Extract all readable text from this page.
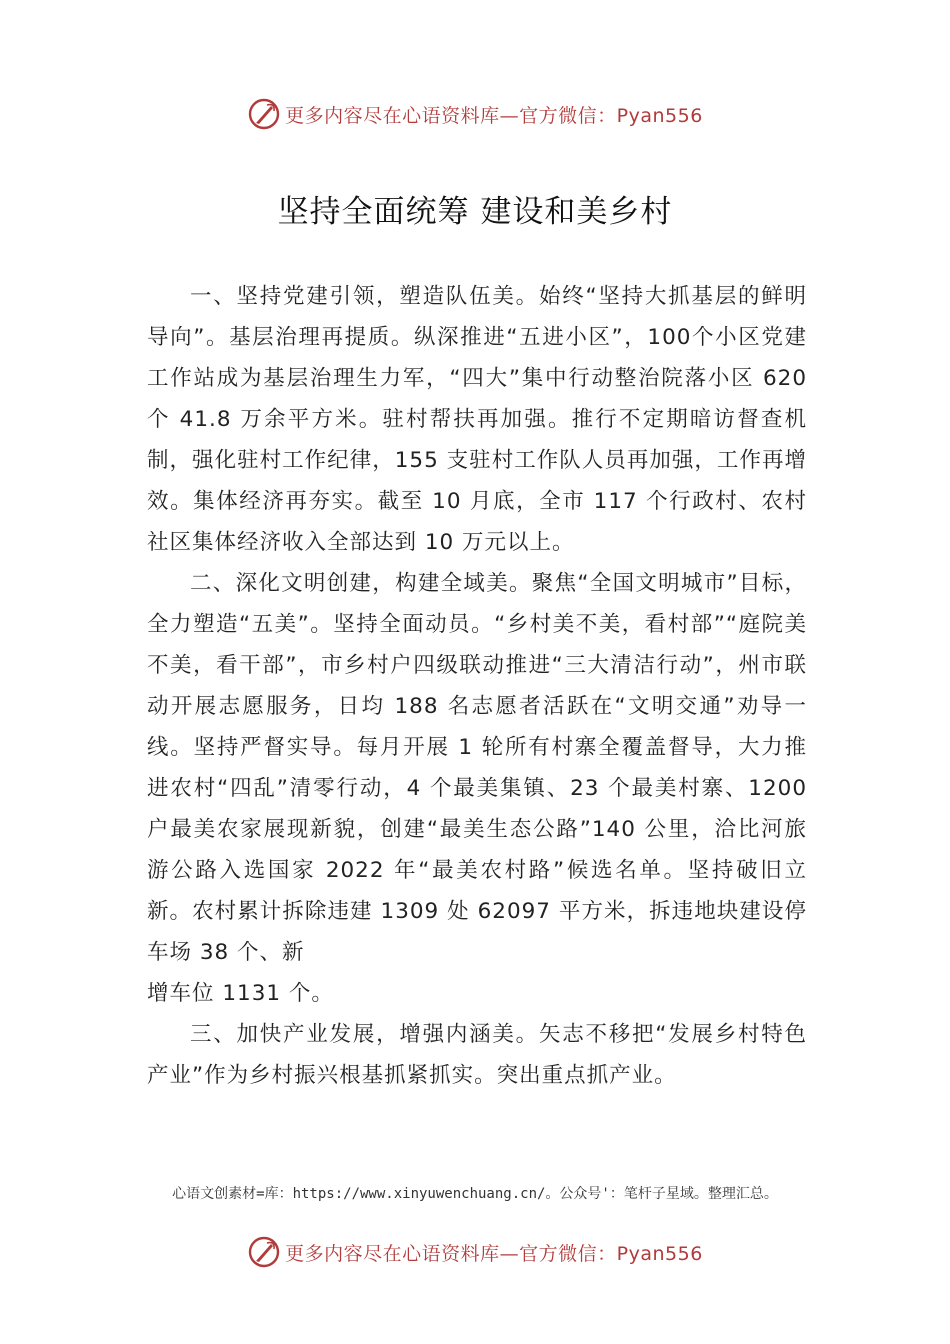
更多内容尽在心语资料库—官方微信：Pyan556
坚持全面统筹 建设和美乡村

一、坚持党建引领，塑造队伍美。始终“坚持大抓基层的鲜明导向”。基层治理再提质。纵深推进“五进小区”，100个小区党建工作站成为基层治理生力军，“四大”集中行动整治院落小区 620 个 41.8 万余平方米。驻村帮扶再加强。推行不定期暗访督查机制，强化驻村工作纪律，155 支驻村工作队人员再加强，工作再增效。集体经济再夯实。截至 10 月底，全市 117 个行政村、农村社区集体经济收入全部达到 10 万元以上。

二、深化文明创建，构建全域美。聚焦“全国文明城市”目标，全力塑造“五美”。坚持全面动员。“乡村美不美，看村部”“庭院美不美，看干部”，市乡村户四级联动推进“三大清洁行动”，州市联动开展志愿服务，日均 188 名志愿者活跃在“文明交通”劝导一线。坚持严督实导。每月开展 1 轮所有村寨全覆盖督导，大力推进农村“四乱”清零行动，4 个最美集镇、23 个最美村寨、1200 户最美农家展现新貌，创建“最美生态公路”140 公里，洽比河旅游公路入选国家 2022 年“最美农村路”候选名单。坚持破旧立新。农村累计拆除违建 1309 处 62097 平方米，拆违地块建设停车场 38 个、新

增车位 1131 个。

三、加快产业发展，增强内涵美。矢志不移把“发展乡村特色产业”作为乡村振兴根基抓紧抓实。突出重点抓产业。

心语文创素材=库：https://www.xinyuwenchuang.cn/。公众号'：笔杆子星域。整理汇总。
更多内容尽在心语资料库—官方微信：Pyan556
